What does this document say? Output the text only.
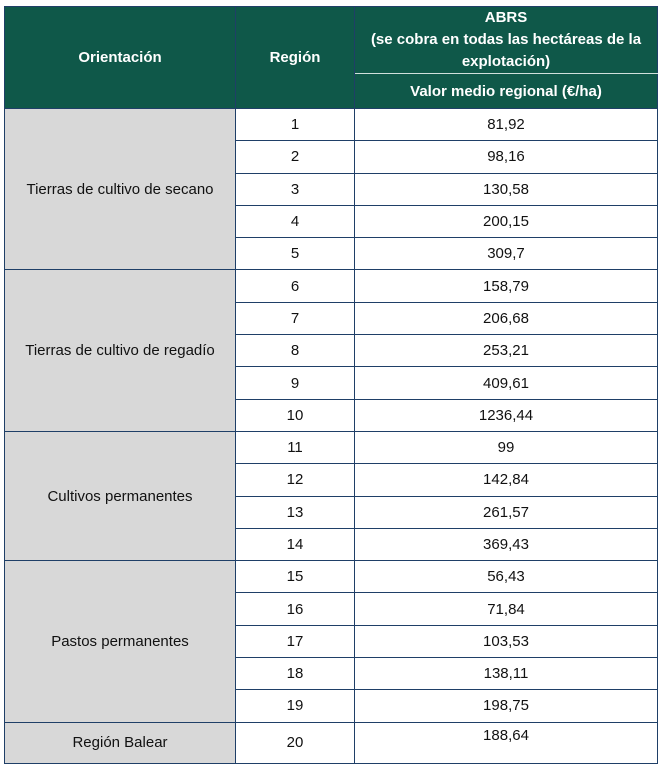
Orientación	Región	ABRS
(se cobra en todas las hectáreas de la explotación)

		Valor medio regional (€/ha)
Tierras de cultivo de secano	1	81,92
	2	98,16
	3	130,58
	4	200,15
	5	309,7
Tierras de cultivo de regadío	6	158,79
	7	206,68
	8	253,21
	9	409,61
	10	1236,44
Cultivos permanentes	11	99
	12	142,84
	13	261,57
	14	369,43
Pastos permanentes	15	56,43
	16	71,84
	17	103,53
	18	138,11
	19	198,75
Región Balear	20	188,64
